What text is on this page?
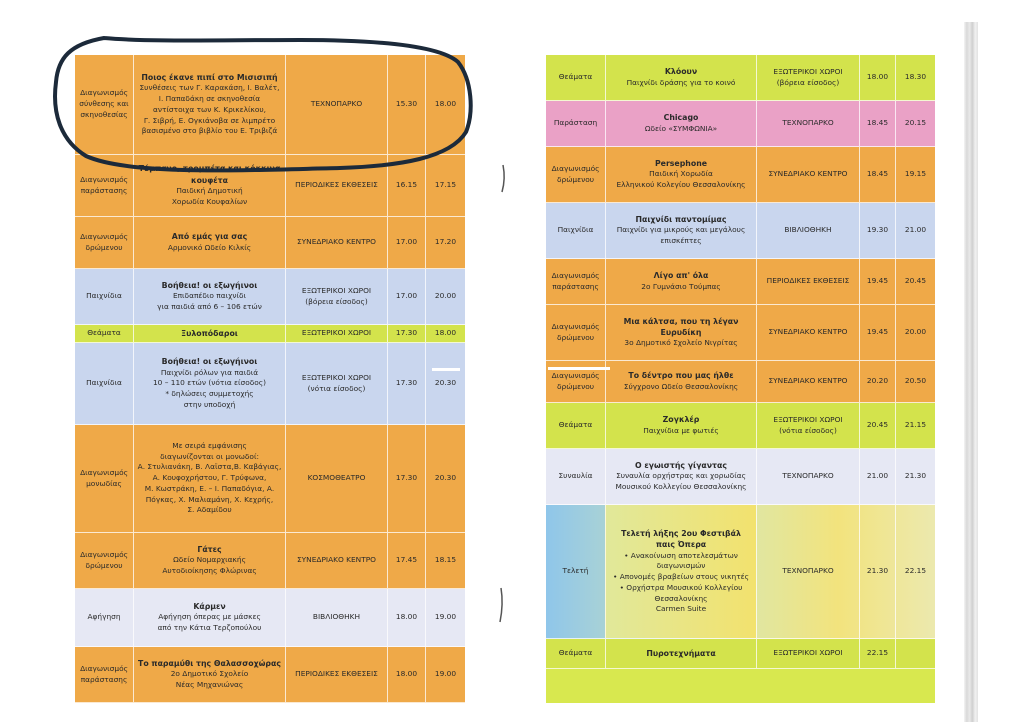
Διαγωνισμός σύνθεσης και σκηνοθεσίας
Ποιος έκανε πιπί στο Μισισιπή
Συνθέσεις των Γ. Καρακάση, Ι. Βαλέτ,
Ι. Παπαδάκη σε σκηνοθεσία
αντίστοιχα των Κ. Κρικελίκου,
Γ. Σιβρή, Ε. Ογκιάνοβα σε λιμπρέτο
βασισμένο στο βιβλίο του Ε. Τριβιζά
ΤΕΧΝΟΠΑΡΚΟ	15.30	18.00
Διαγωνισμός παράστασης
Τύμπανο, τρομπέτα και κόκκινα κουφέτα
Παιδική Δημοτική
Χορωδία Κουφαλίων
ΠΕΡΙΟΔΙΚΕΣ ΕΚΘΕΣΕΙΣ	16.15	17.15
Διαγωνισμός δρώμενου
Από εμάς για σας
Αρμονικό Ωδείο Κιλκίς
ΣΥΝΕΔΡΙΑΚΟ ΚΕΝΤΡΟ	17.00	17.20
Παιχνίδια
Βοήθεια! οι εξωγήινοι
Επιδαπέδιο παιχνίδι
για παιδιά από 6 – 106 ετών
ΕΞΩΤΕΡΙΚΟΙ ΧΩΡΟΙ
(βόρεια είσοδος)
17.00	20.00
Θεάματα	Ξυλοπόδαροι	ΕΞΩΤΕΡΙΚΟΙ ΧΩΡΟΙ	17.30	18.00
Παιχνίδια
Βοήθεια! οι εξωγήινοι
Παιχνίδι ρόλων για παιδιά
10 – 110 ετών (νότια είσοδος)
* δηλώσεις συμμετοχής
στην υποδοχή
ΕΞΩΤΕΡΙΚΟΙ ΧΩΡΟΙ
(νότια είσοδος)
17.30	20.30
Διαγωνισμός μονωδίας
Με σειρά εμφάνισης
διαγωνίζονται οι μονωδοί:
Α. Στυλιανάκη, Β. Λαϊστα,Β. Καβάγιας,
Α. Κουφοχρήστου, Γ. Τρύφωνα,
Μ. Κωστράκη, Ε. – Ι. Παπαδόγια, Α.
Πόγκας, Χ. Μαλιαμάνη, Χ. Κεχρής,
Σ. Αδαμίδου
ΚΟΣΜΟΘΕΑΤΡΟ	17.30	20.30
Διαγωνισμός δρώμενου
Γάτες
Ωδείο Νομαρχιακής
Αυτοδιοίκησης Φλώρινας
ΣΥΝΕΔΡΙΑΚΟ ΚΕΝΤΡΟ	17.45	18.15
Αφήγηση
Κάρμεν
Αφήγηση όπερας με μάσκες
από την Κάτια Τερζοπούλου
ΒΙΒΛΙΟΘΗΚΗ	18.00	19.00
Διαγωνισμός παράστασης
Το παραμύθι της Θαλασσοχώρας
2ο Δημοτικό Σχολείο
Νέας Μηχανιώνας
ΠΕΡΙΟΔΙΚΕΣ ΕΚΘΕΣΕΙΣ	18.00	19.00
Θεάματα
Κλόουν
Παιχνίδι δράσης για το κοινό
ΕΞΩΤΕΡΙΚΟΙ ΧΩΡΟΙ
(βόρεια είσοδος)
18.00	18.30
Παράσταση
Chicago
Ωδείο «ΣΥΜΦΩΝΙΑ»
ΤΕΧΝΟΠΑΡΚΟ	18.45	20.15
Διαγωνισμός δρώμενου
Persephone
Παιδική Χορωδία
Ελληνικού Κολεγίου Θεσσαλονίκης
ΣΥΝΕΔΡΙΑΚΟ ΚΕΝΤΡΟ	18.45	19.15
Παιχνίδια
Παιχνίδι παντομίμας
Παιχνίδι για μικρούς και μεγάλους
επισκέπτες
ΒΙΒΛΙΟΘΗΚΗ	19.30	21.00
Διαγωνισμός παράστασης
Λίγο απ' όλα
2ο Γυμνάσιο Τούμπας
ΠΕΡΙΟΔΙΚΕΣ ΕΚΘΕΣΕΙΣ	19.45	20.45
Διαγωνισμός δρώμενου
Μια κάλτσα, που τη λέγαν Ευρυδίκη
3ο Δημοτικό Σχολείο Νιγρίτας
ΣΥΝΕΔΡΙΑΚΟ ΚΕΝΤΡΟ	19.45	20.00
Διαγωνισμός δρώμενου
Το δέντρο που μας ήλθε
Σύγχρονο Ωδείο Θεσσαλονίκης
ΣΥΝΕΔΡΙΑΚΟ ΚΕΝΤΡΟ	20.20	20.50
Θεάματα
Ζογκλέρ
Παιχνίδια με φωτιές
ΕΞΩΤΕΡΙΚΟΙ ΧΩΡΟΙ
(νότια είσοδος)
20.45	21.15
Συναυλία
Ο εγωιστής γίγαντας
Συναυλία ορχήστρας και χορωδίας
Μουσικού Κολλεγίου Θεσσαλονίκης
ΤΕΧΝΟΠΑΡΚΟ	21.00	21.30
Τελετή
Τελετή λήξης 2ου Φεστιβάλ
παις Όπερα
• Ανακοίνωση αποτελεσμάτων
διαγωνισμών
• Απονομές βραβείων στους νικητές
• Ορχήστρα Μουσικού Κολλεγίου
Θεσσαλονίκης
Carmen Suite
ΤΕΧΝΟΠΑΡΚΟ	21.30	22.15
Θεάματα	Πυροτεχνήματα	ΕΞΩΤΕΡΙΚΟΙ ΧΩΡΟΙ	22.15
